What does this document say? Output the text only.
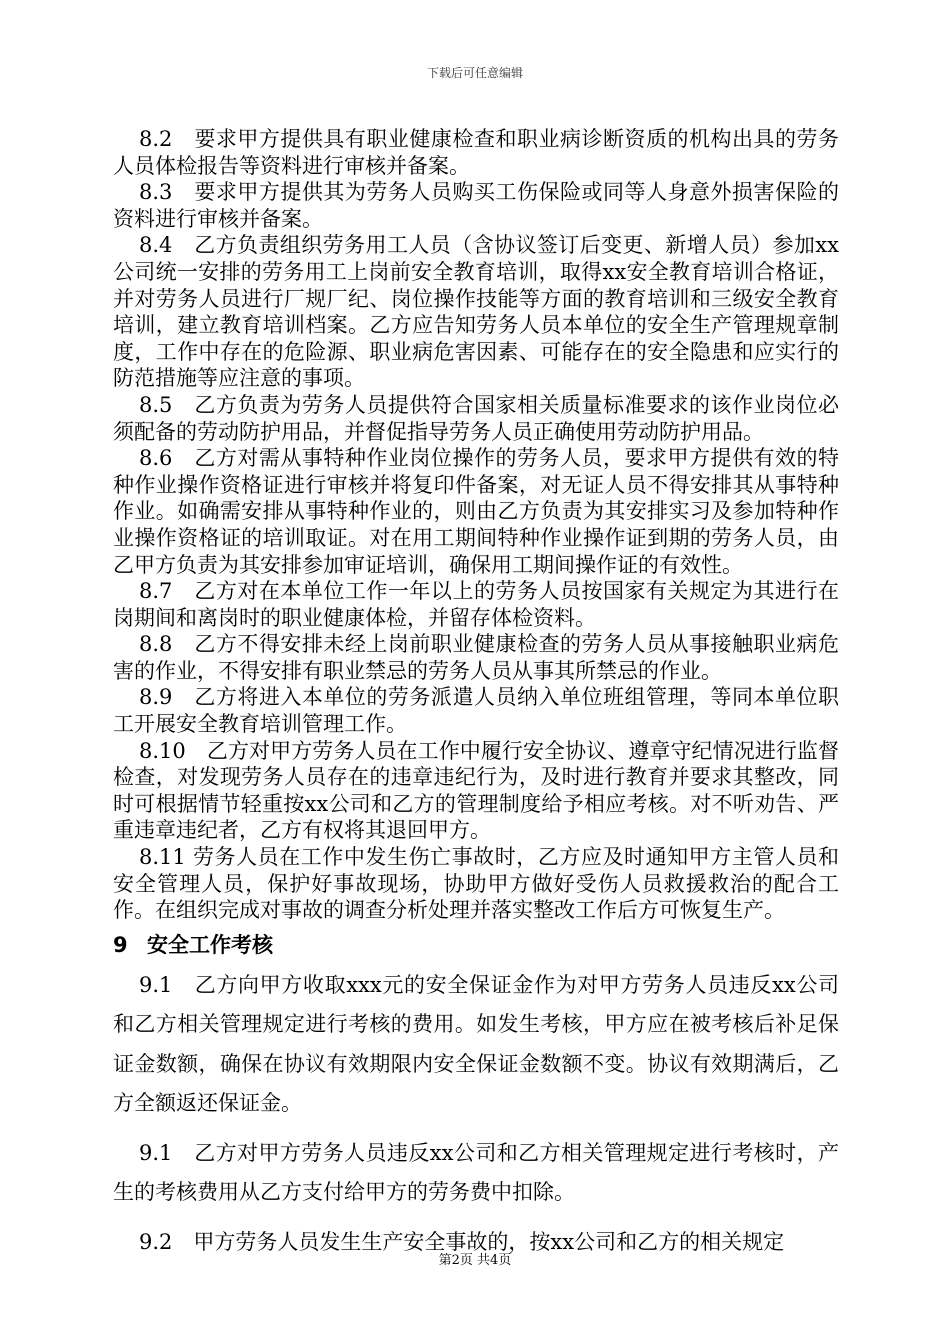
下载后可任意编辑

8.2　要求甲方提供具有职业健康检查和职业病诊断资质的机构出具的劳务人员体检报告等资料进行审核并备案。

8.3　要求甲方提供其为劳务人员购买工伤保险或同等人身意外损害保险的资料进行审核并备案。

8.4　乙方负责组织劳务用工人员（含协议签订后变更、新增人员）参加xx公司统一安排的劳务用工上岗前安全教育培训，取得xx安全教育培训合格证，并对劳务人员进行厂规厂纪、岗位操作技能等方面的教育培训和三级安全教育培训，建立教育培训档案。乙方应告知劳务人员本单位的安全生产管理规章制度，工作中存在的危险源、职业病危害因素、可能存在的安全隐患和应实行的防范措施等应注意的事项。

8.5　乙方负责为劳务人员提供符合国家相关质量标准要求的该作业岗位必须配备的劳动防护用品，并督促指导劳务人员正确使用劳动防护用品。

8.6　乙方对需从事特种作业岗位操作的劳务人员，要求甲方提供有效的特种作业操作资格证进行审核并将复印件备案，对无证人员不得安排其从事特种作业。如确需安排从事特种作业的，则由乙方负责为其安排实习及参加特种作业操作资格证的培训取证。对在用工期间特种作业操作证到期的劳务人员，由乙甲方负责为其安排参加审证培训，确保用工期间操作证的有效性。

8.7　乙方对在本单位工作一年以上的劳务人员按国家有关规定为其进行在岗期间和离岗时的职业健康体检，并留存体检资料。

8.8　乙方不得安排未经上岗前职业健康检查的劳务人员从事接触职业病危害的作业，不得安排有职业禁忌的劳务人员从事其所禁忌的作业。

8.9　乙方将进入本单位的劳务派遣人员纳入单位班组管理，等同本单位职工开展安全教育培训管理工作。

8.10　乙方对甲方劳务人员在工作中履行安全协议、遵章守纪情况进行监督检查，对发现劳务人员存在的违章违纪行为，及时进行教育并要求其整改，同时可根据情节轻重按xx公司和乙方的管理制度给予相应考核。对不听劝告、严重违章违纪者，乙方有权将其退回甲方。

8.11 劳务人员在工作中发生伤亡事故时，乙方应及时通知甲方主管人员和安全管理人员，保护好事故现场，协助甲方做好受伤人员救援救治的配合工作。在组织完成对事故的调查分析处理并落实整改工作后方可恢复生产。

9 安全工作考核

9.1　乙方向甲方收取xxx元的安全保证金作为对甲方劳务人员违反xx公司和乙方相关管理规定进行考核的费用。如发生考核，甲方应在被考核后补足保证金数额，确保在协议有效期限内安全保证金数额不变。协议有效期满后，乙方全额返还保证金。

9.1　乙方对甲方劳务人员违反xx公司和乙方相关管理规定进行考核时，产生的考核费用从乙方支付给甲方的劳务费中扣除。

9.2　甲方劳务人员发生生产安全事故的，按xx公司和乙方的相关规定

第2页 共4页
